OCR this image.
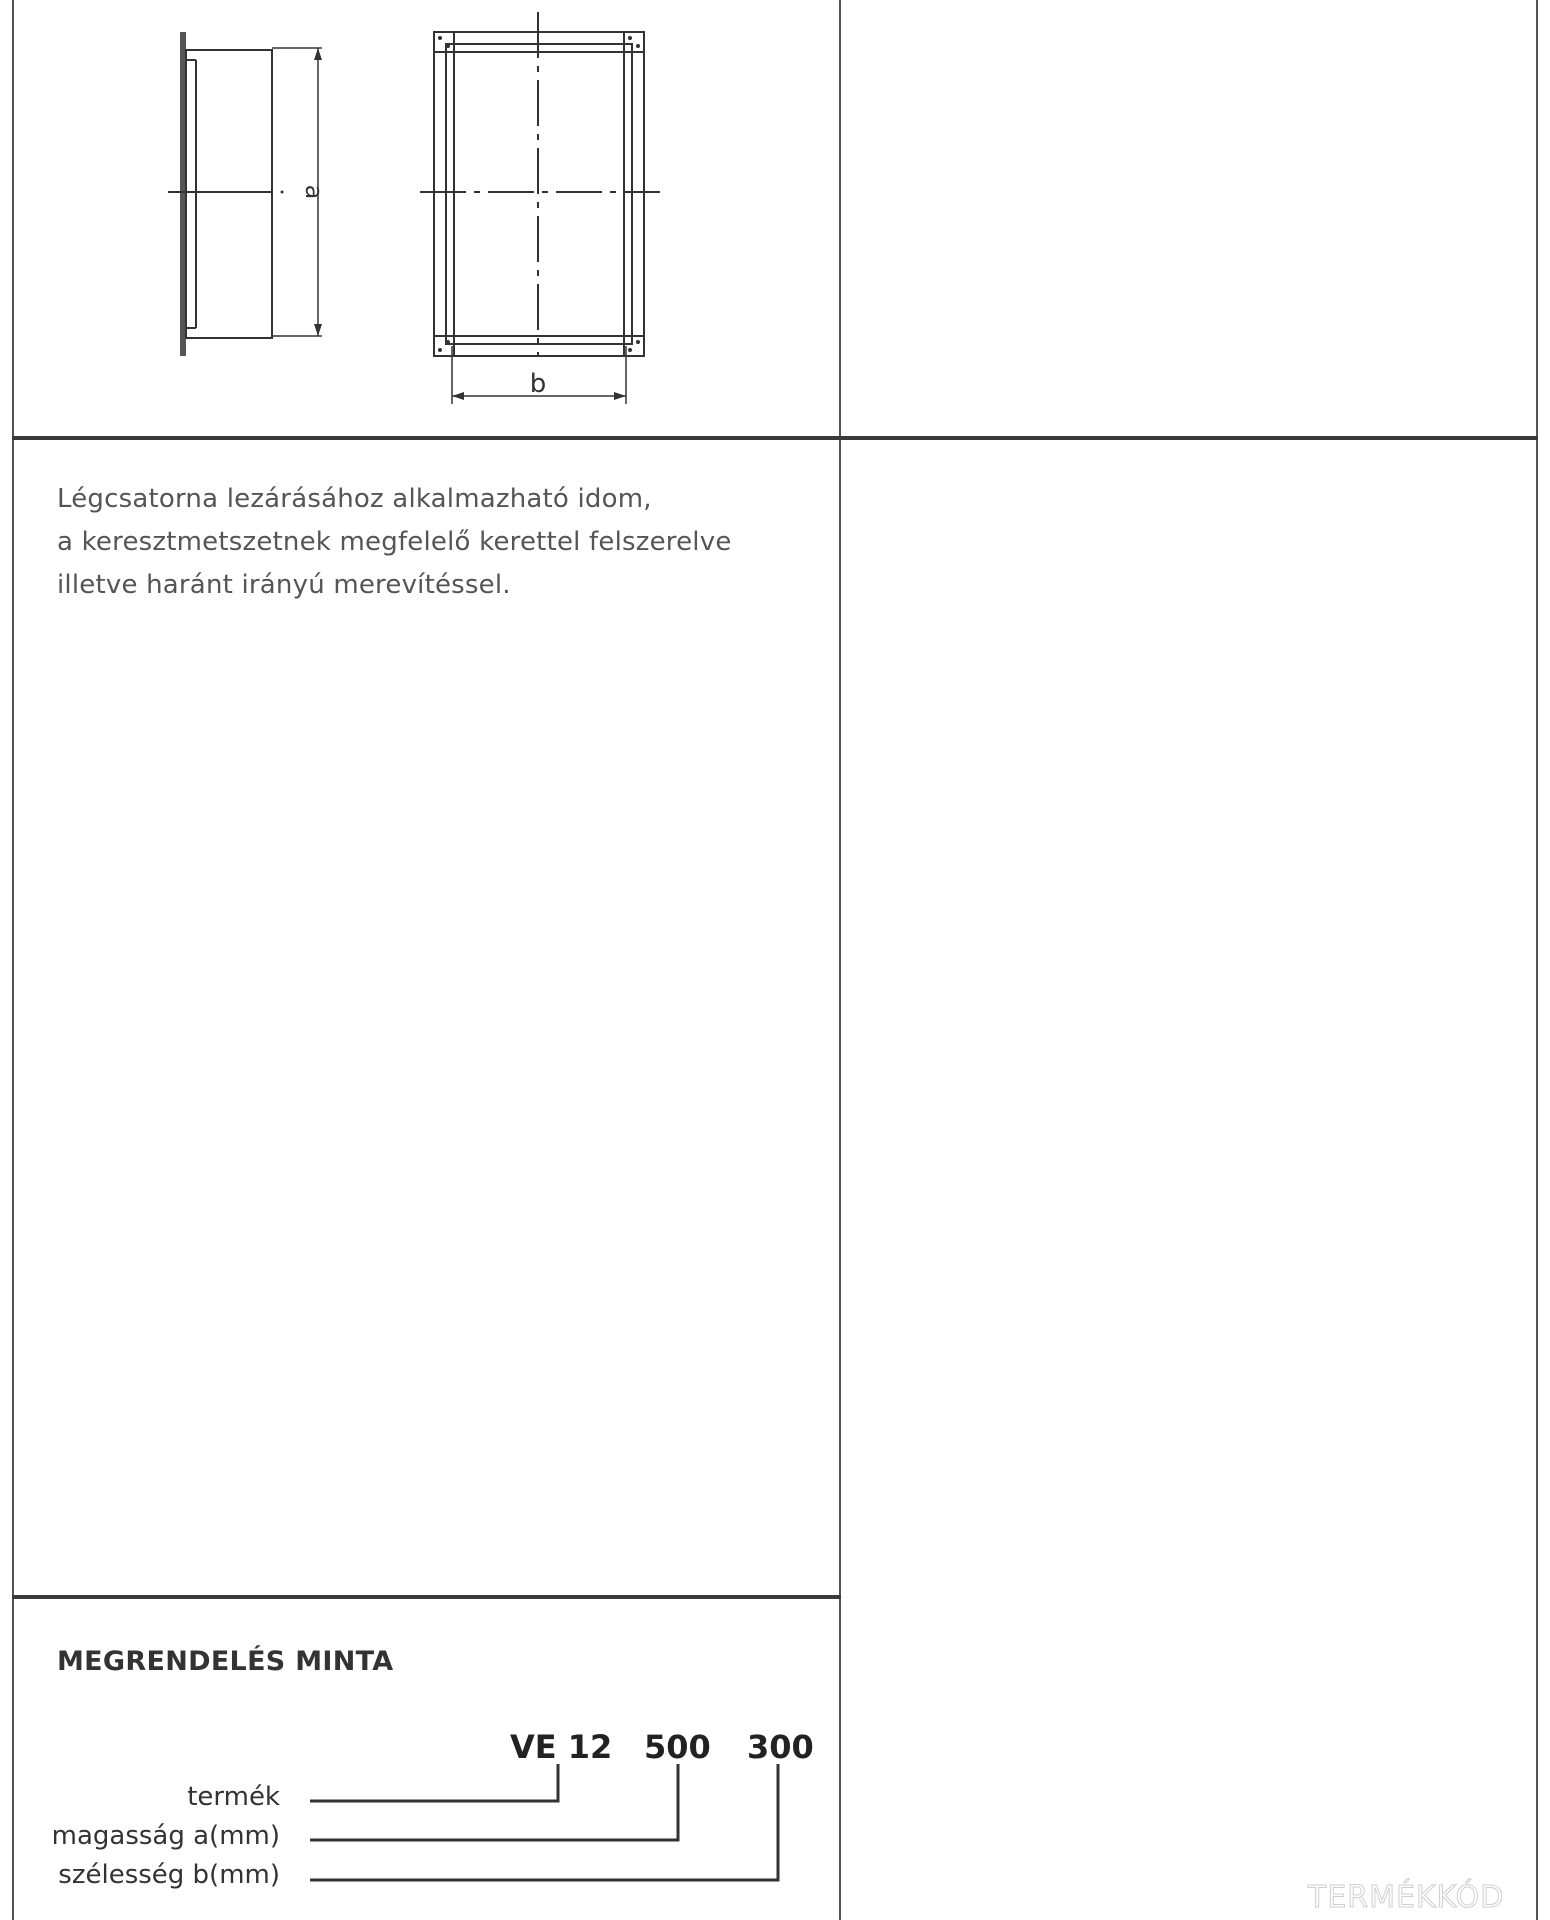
a
b
Légcsatorna lezárásához alkalmazható idom,
a keresztmetszetnek megfelelő kerettel felszerelve
illetve haránt irányú merevítéssel.
MEGRENDELÉS MINTA
VE 12 500 300
termék
magasság a(mm)
szélesség b(mm)
TERMÉKKÓD
